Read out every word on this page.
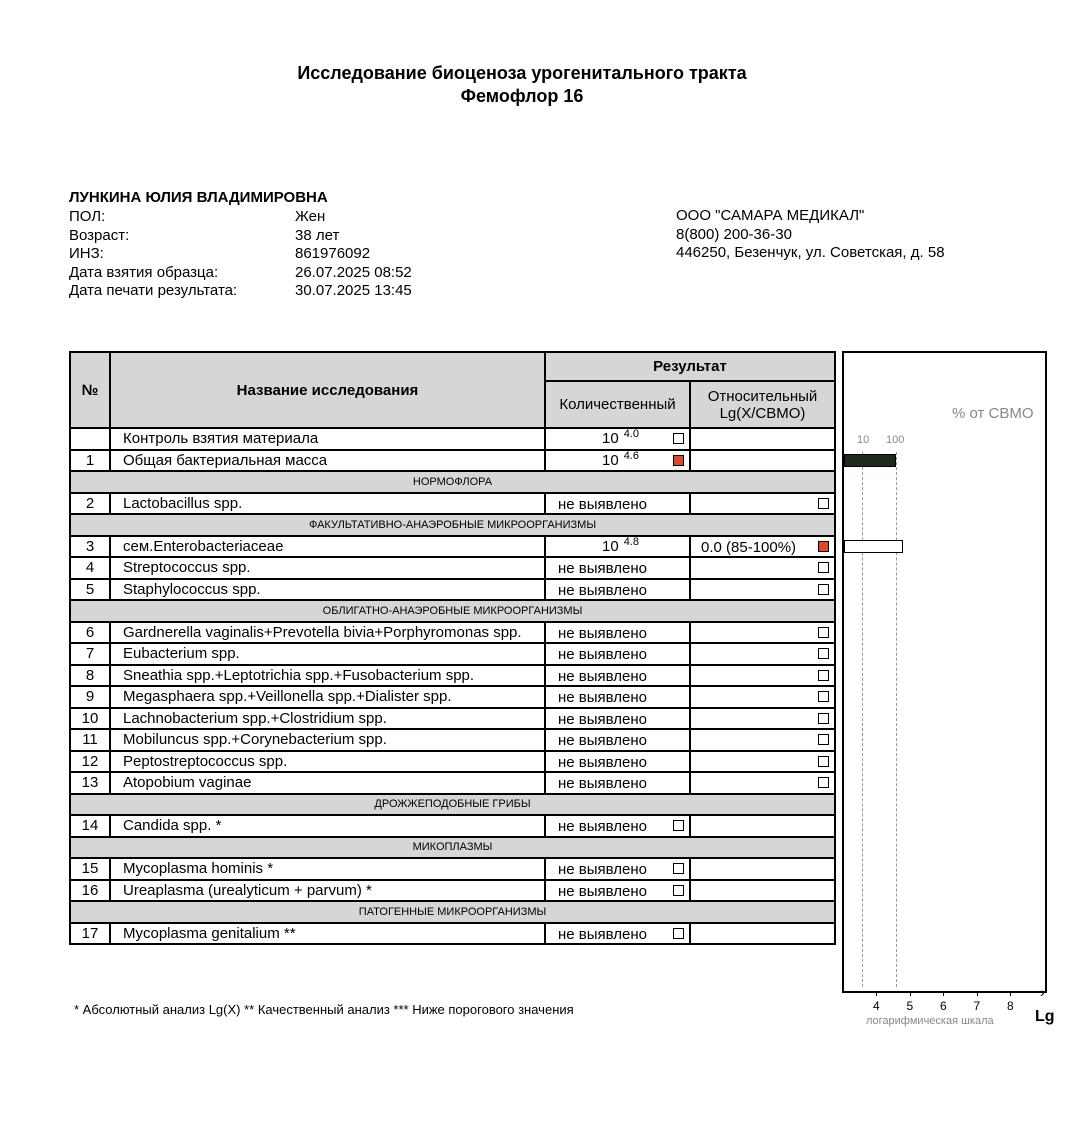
Исследование биоценоза урогенитального тракта
Фемофлор 16
ЛУНКИНА ЮЛИЯ ВЛАДИМИРОВНА
ПОЛ:	Жен
Возраст:	38 лет
ИНЗ:	861976092
Дата взятия образца:	26.07.2025 08:52
Дата печати результата:	30.07.2025 13:45
ООО "САМАРА МЕДИКАЛ"
8(800) 200-36-30
446250, Безенчук, ул. Советская, д. 58
№	Название исследования	Результат	
		Количественный	Относительный Lg(X/СВМО)
	Контроль взятия материала	10 $^{4.0}$

1	Общая бактериальная масса	10 $^{4.6}$

НОРМОФЛОРА			
2	Lactobacillus spp.	не выявлено	

ФАКУЛЬТАТИВНО-АНАЭРОБНЫЕ МИКРООРГАНИЗМЫ			
3	сем.Enterobacteriaceae	10 $^{4.8}$	0.0 (85-100%)

4	Streptococcus spp.	не выявлено	

5	Staphylococcus spp.	не выявлено	

ОБЛИГАТНО-АНАЭРОБНЫЕ МИКРООРГАНИЗМЫ			
6	Gardnerella vaginalis+Prevotella bivia+Porphyromonas spp.	не выявлено	

7	Eubacterium spp.	не выявлено	

8	Sneathia spp.+Leptotrichia spp.+Fusobacterium spp.	не выявлено	

9	Megasphaera spp.+Veillonella spp.+Dialister spp.	не выявлено	

10	Lachnobacterium spp.+Clostridium spp.	не выявлено	

11	Mobiluncus spp.+Corynebacterium spp.	не выявлено	

12	Peptostreptococcus spp.	не выявлено	

13	Atopobium vaginae	не выявлено	

ДРОЖЖЕПОДОБНЫЕ ГРИБЫ			
14	Candida spp. *	не выявлено	

МИКОПЛАЗМЫ			
15	Mycoplasma hominis *	не выявлено	

16	Ureaplasma (urealyticum + parvum) *	не выявлено	

ПАТОГЕННЫЕ МИКРООРГАНИЗМЫ			
17	Mycoplasma genitalium **	не выявлено	

% от СВМО
10 100
›
4 5 6 7 8
логарифмическая шкала	Lg
* Абсолютный анализ Lg(X) ** Качественный анализ *** Ниже порогового значения
